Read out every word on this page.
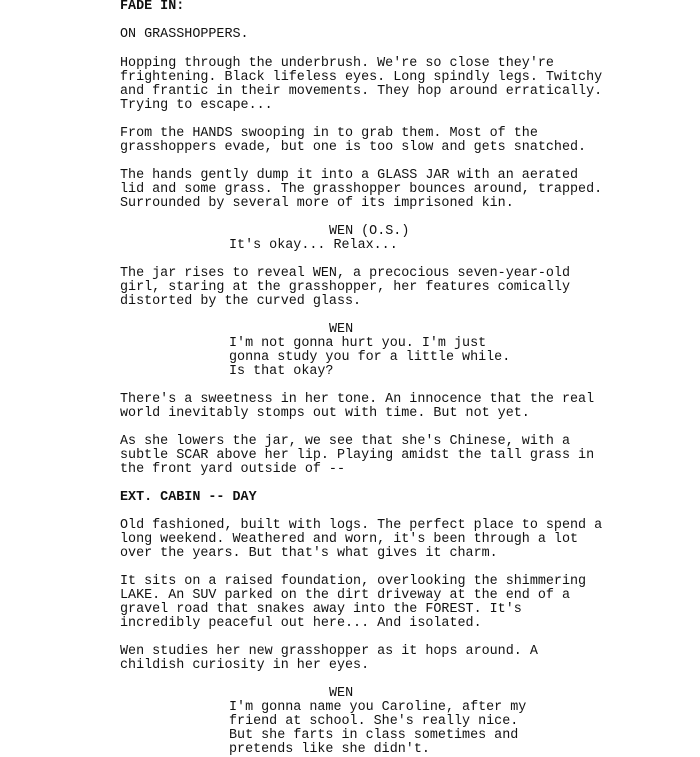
FADE IN:
ON GRASSHOPPERS.
Hopping through the underbrush. We're so close they're
frightening. Black lifeless eyes. Long spindly legs. Twitchy
and frantic in their movements. They hop around erratically.
Trying to escape...
From the HANDS swooping in to grab them. Most of the
grasshoppers evade, but one is too slow and gets snatched.
The hands gently dump it into a GLASS JAR with an aerated
lid and some grass. The grasshopper bounces around, trapped.
Surrounded by several more of its imprisoned kin.
WEN (O.S.)
It's okay... Relax...
The jar rises to reveal WEN, a precocious seven-year-old
girl, staring at the grasshopper, her features comically
distorted by the curved glass.
WEN
I'm not gonna hurt you. I'm just
gonna study you for a little while.
Is that okay?
There's a sweetness in her tone. An innocence that the real
world inevitably stomps out with time. But not yet.
As she lowers the jar, we see that she's Chinese, with a
subtle SCAR above her lip. Playing amidst the tall grass in
the front yard outside of --
EXT. CABIN -- DAY
Old fashioned, built with logs. The perfect place to spend a
long weekend. Weathered and worn, it's been through a lot
over the years. But that's what gives it charm.
It sits on a raised foundation, overlooking the shimmering
LAKE. An SUV parked on the dirt driveway at the end of a
gravel road that snakes away into the FOREST. It's
incredibly peaceful out here... And isolated.
Wen studies her new grasshopper as it hops around. A
childish curiosity in her eyes.
WEN
I'm gonna name you Caroline, after my
friend at school. She's really nice.
But she farts in class sometimes and
pretends like she didn't.
